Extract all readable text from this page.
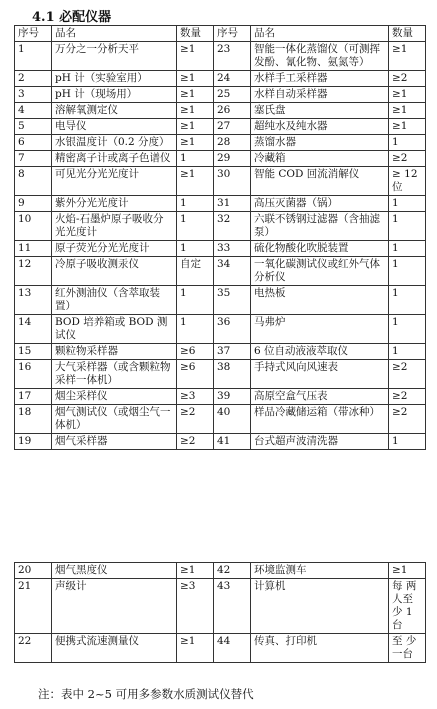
4.1 必配仪器
序号	品名	数量	序号	品名	数量
1	万分之一分析天平	≥1	23	智能一体化蒸馏仪（可测挥发酚、氰化物、氨氮等）	≥1
2	pH 计（实验室用）	≥1	24	水样手工采样器	≥2
3	pH 计（现场用）	≥1	25	水样自动采样器	≥1
4	溶解氧测定仪	≥1	26	塞氏盘	≥1
5	电导仪	≥1	27	超纯水及纯水器	≥1
6	水银温度计（0.2 分度）	≥1	28	蒸馏水器	1
7	精密离子计或离子色谱仪	1	29	冷藏箱	≥2
8	可见光分光光度计	≥1	30	智能 COD 回流消解仪	≥ 12 位
9	紫外分光光度计	1	31	高压灭菌器（锅）	1
10	火焰-石墨炉原子吸收分光光度计	1	32	六联不锈钢过滤器（含抽滤泵）	1
11	原子荧光分光光度计	1	33	硫化物酸化吹脱装置	1
12	冷原子吸收测汞仪	自定	34	一氧化碳测试仪或红外气体分析仪	1
13	红外测油仪（含萃取装置）	1	35	电热板	1
14	BOD 培养箱或 BOD 测试仪	1	36	马弗炉	1
15	颗粒物采样器	≥6	37	6 位自动液液萃取仪	1
16	大气采样器（或含颗粒物采样一体机）	≥6	38	手持式风向风速表	≥2
17	烟尘采样仪	≥3	39	高原空盒气压表	≥2
18	烟气测试仪（或烟尘气一体机）	≥2	40	样品冷藏储运箱（带冰种）	≥2
19	烟气采样器	≥2	41	台式超声波清洗器	1
20	烟气黑度仪	≥1	42	环境监测车	≥1
21	声级计	≥3	43	计算机	每 两人至 少 1 台
22	便携式流速测量仪	≥1	44	传真、打印机	至 少 一台
注：表中 2~5 可用多参数水质测试仪替代
